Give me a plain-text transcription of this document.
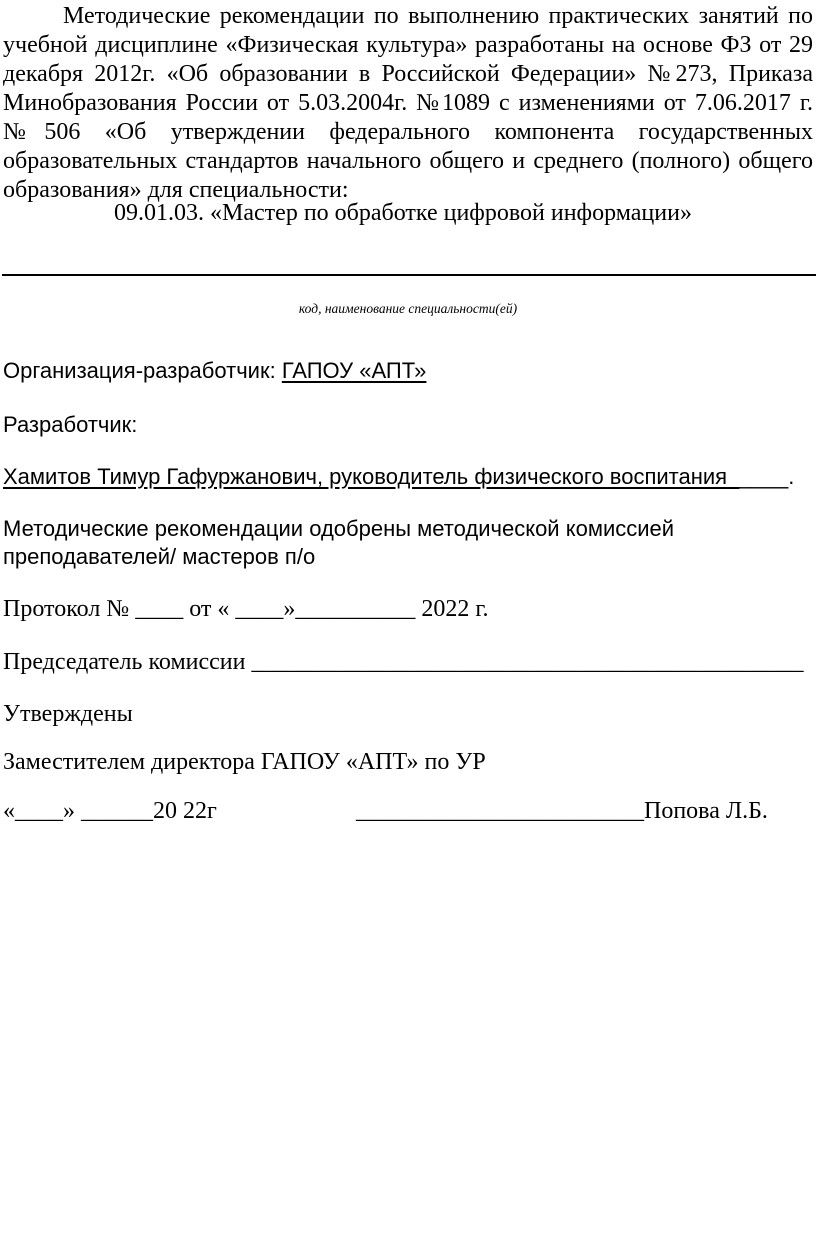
Методические рекомендации по выполнению практических занятий по учебной дисциплине «Физическая культура» разработаны на основе ФЗ от 29 декабря 2012г. «Об образовании в Российской Федерации» №273, Приказа Минобразования России от 5.03.2004г. №1089 с изменениями от 7.06.2017 г. №506 «Об утверждении федерального компонента государственных образовательных стандартов начального общего и среднего (полного) общего образования» для специальности:
09.01.03. «Мастер по обработке цифровой информации»
код, наименование специальности(ей)
Организация-разработчик: ГАПОУ «АПТ»
Разработчик:
Хамитов Тимур Гафуржанович, руководитель физического воспитания_____.
Методические рекомендации одобрены методической комиссией
преподавателей/ мастеров п/о
Протокол № ____ от « ____»__________ 2022 г.
Председатель комиссии ______________________________________________
Утверждены
Заместителем директора ГАПОУ «АПТ» по УР
«____» ______20 22г	________________________Попова Л.Б.
